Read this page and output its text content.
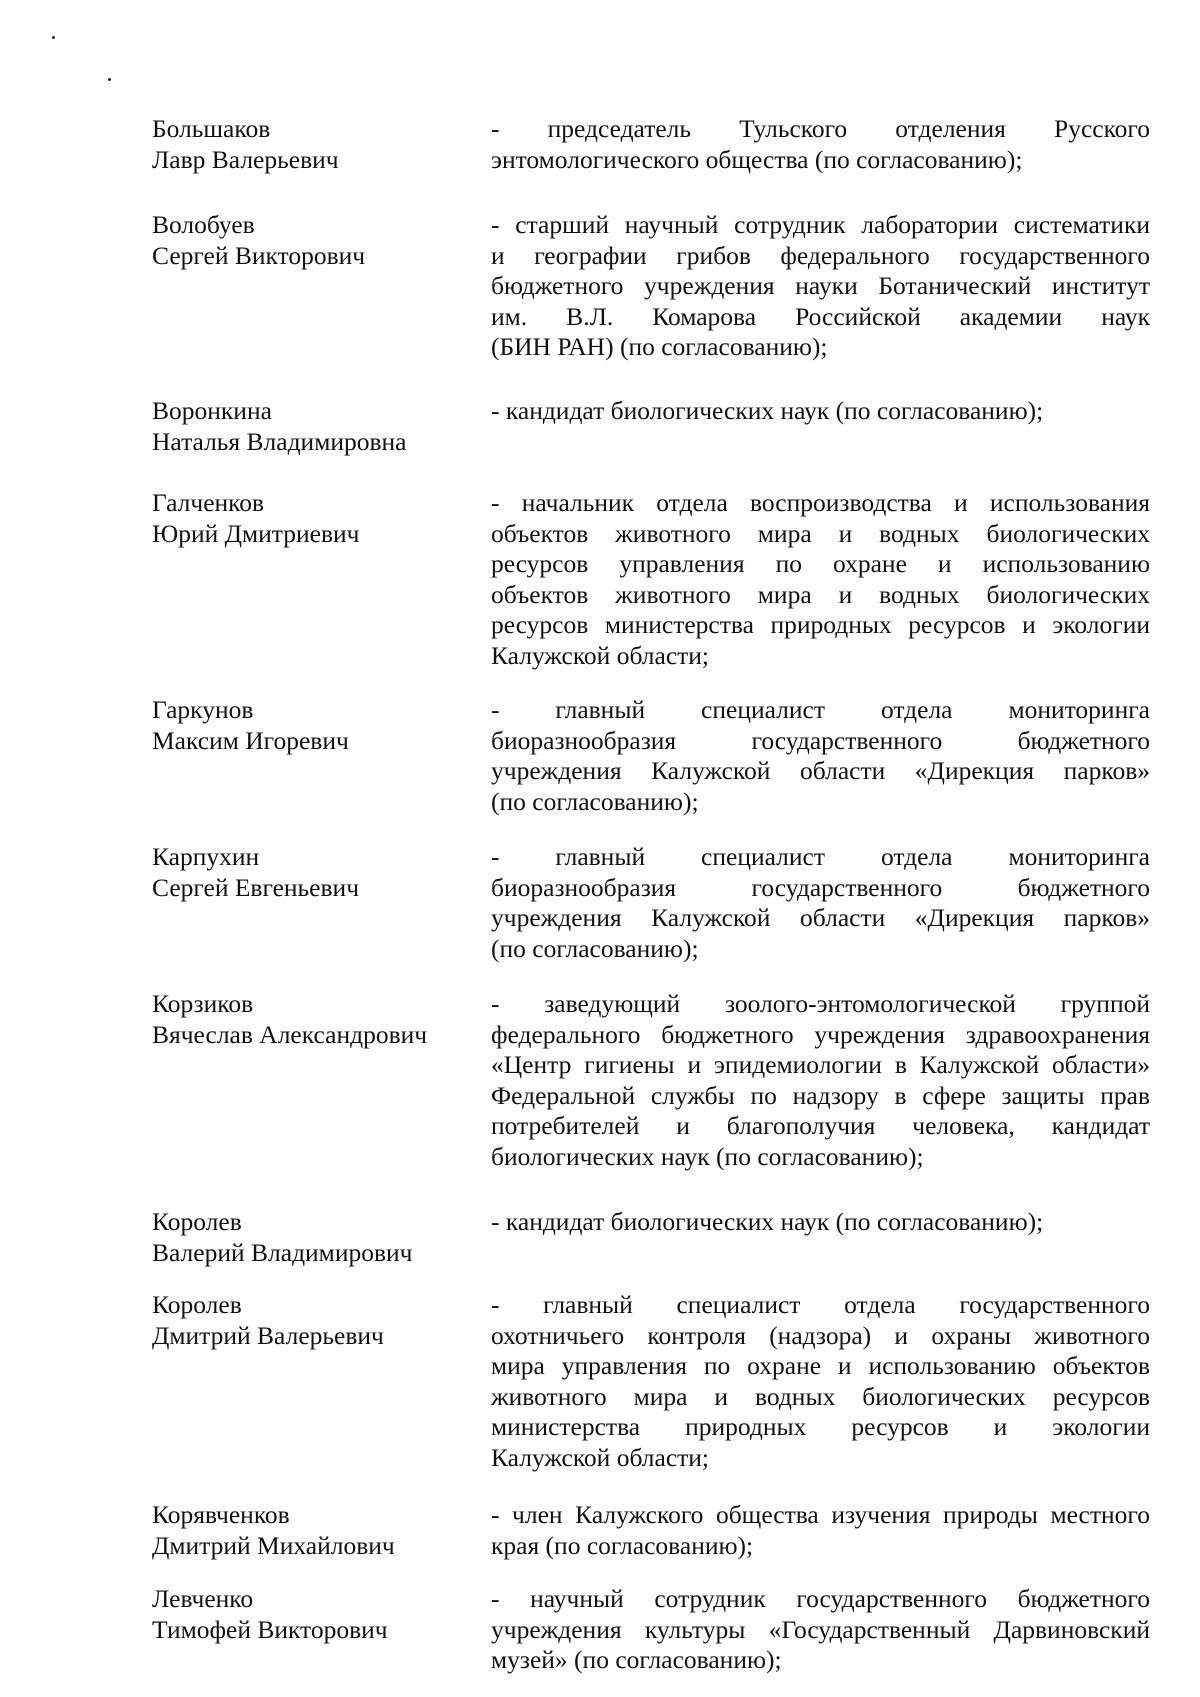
Большаков
Лавр Валерьевич
- председатель Тульского отделения Русского
энтомологического общества (по согласованию);
Волобуев
Сергей Викторович
- старший научный сотрудник лаборатории систематики
и географии грибов федерального государственного
бюджетного учреждения науки Ботанический институт
им. В.Л. Комарова Российской академии наук
(БИН РАН) (по согласованию);
Воронкина
Наталья Владимировна
- кандидат биологических наук (по согласованию);
Галченков
Юрий Дмитриевич
- начальник отдела воспроизводства и использования
объектов животного мира и водных биологических
ресурсов управления по охране и использованию
объектов животного мира и водных биологических
ресурсов министерства природных ресурсов и экологии
Калужской области;
Гаркунов
Максим Игоревич
- главный специалист отдела мониторинга
биоразнообразия государственного бюджетного
учреждения Калужской области «Дирекция парков»
(по согласованию);
Карпухин
Сергей Евгеньевич
- главный специалист отдела мониторинга
биоразнообразия государственного бюджетного
учреждения Калужской области «Дирекция парков»
(по согласованию);
Корзиков
Вячеслав Александрович
- заведующий зоолого-энтомологической группой
федерального бюджетного учреждения здравоохранения
«Центр гигиены и эпидемиологии в Калужской области»
Федеральной службы по надзору в сфере защиты прав
потребителей и благополучия человека, кандидат
биологических наук (по согласованию);
Королев
Валерий Владимирович
- кандидат биологических наук (по согласованию);
Королев
Дмитрий Валерьевич
- главный специалист отдела государственного
охотничьего контроля (надзора) и охраны животного
мира управления по охране и использованию объектов
животного мира и водных биологических ресурсов
министерства природных ресурсов и экологии
Калужской области;
Корявченков
Дмитрий Михайлович
- член Калужского общества изучения природы местного
края (по согласованию);
Левченко
Тимофей Викторович
- научный сотрудник государственного бюджетного
учреждения культуры «Государственный Дарвиновский
музей» (по согласованию);
